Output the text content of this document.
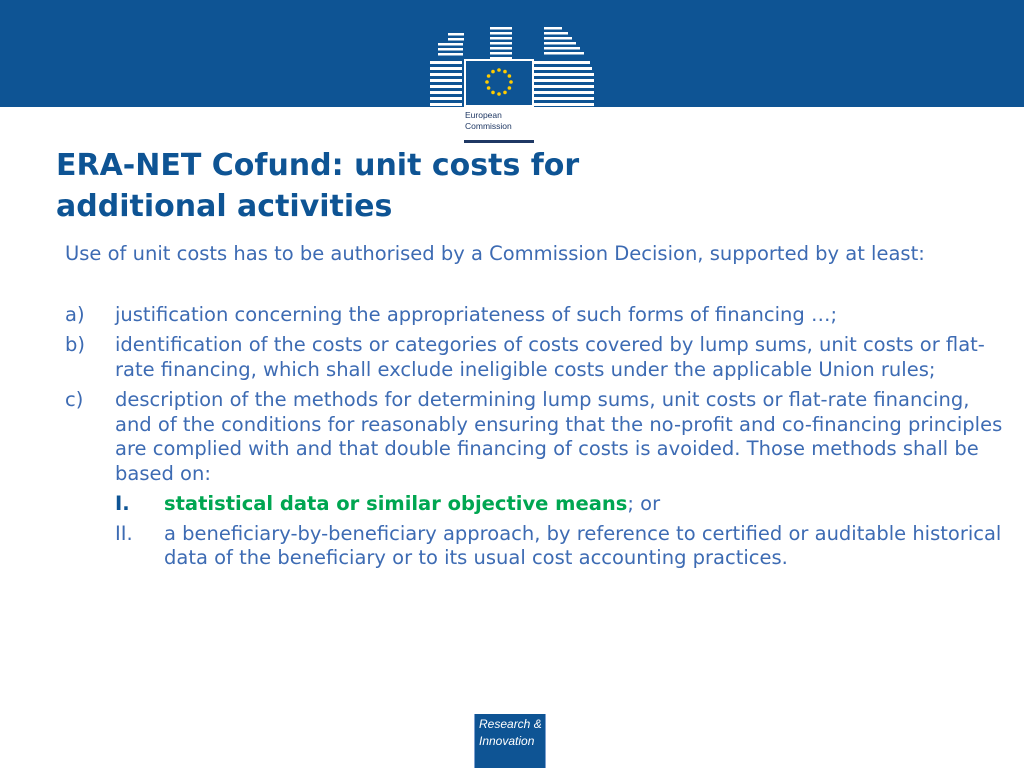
European
Commission
ERA-NET Cofund: unit costs for
additional activities

Use of unit costs has to be authorised by a Commission Decision, supported by at least:

a)	justification concerning the appropriateness of such forms of financing …;
b)	identification of the costs or categories of costs covered by lump sums, unit costs or flat-rate financing, which shall exclude ineligible costs under the applicable Union rules;
c)	description of the methods for determining lump sums, unit costs or flat-rate financing, and of the conditions for reasonably ensuring that the no-profit and co-financing principles are complied with and that double financing of costs is avoided. Those methods shall be based on:
I.	statistical data or similar objective means; or
II.	a beneficiary-by-beneficiary approach, by reference to certified or auditable historical data of the beneficiary or to its usual cost accounting practices.
Research &
Innovation
